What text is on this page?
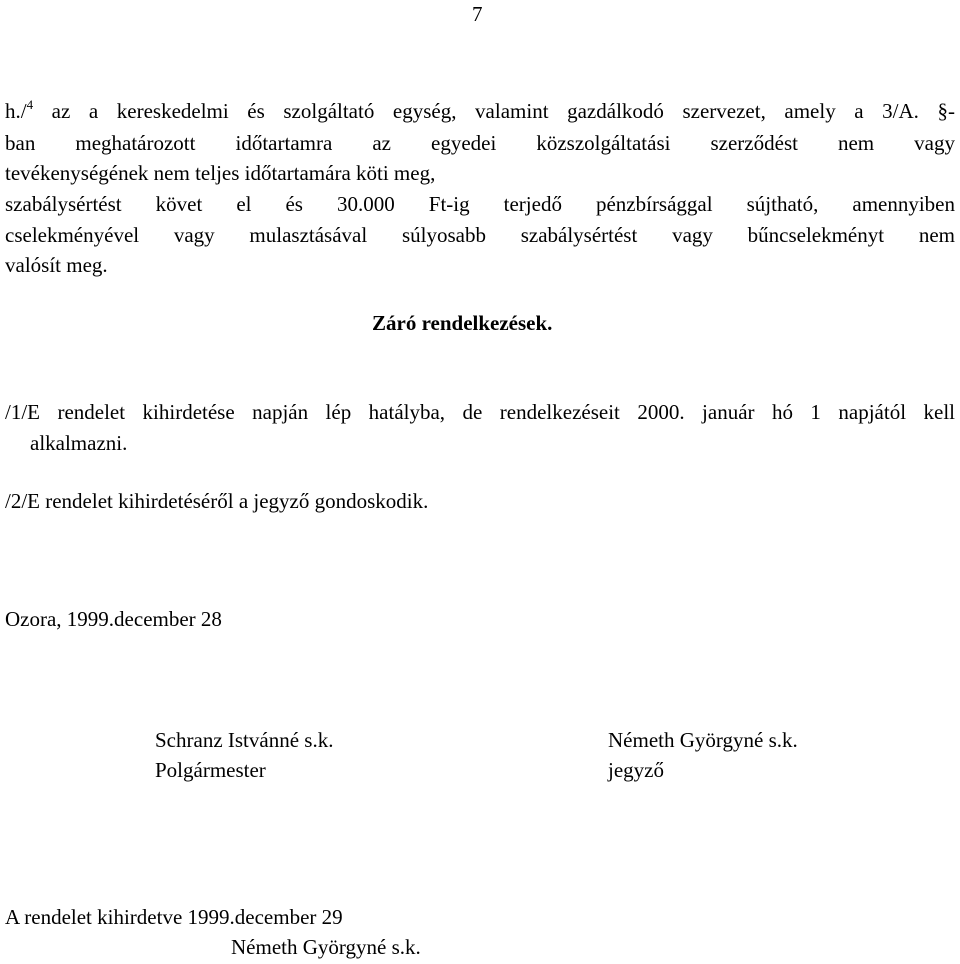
7
h./$^4$ az a kereskedelmi és szolgáltató egység, valamint gazdálkodó szervezet, amely a 3/A. §-
ban meghatározott időtartamra az egyedei közszolgáltatási szerződést nem vagy
tevékenységének nem teljes időtartamára köti meg,
szabálysértést követ el és 30.000 Ft-ig terjedő pénzbírsággal sújtható, amennyiben
cselekményével vagy mulasztásával súlyosabb szabálysértést vagy bűncselekményt nem
valósít meg.
Záró rendelkezések.
/1/E rendelet kihirdetése napján lép hatályba, de rendelkezéseit 2000. január hó 1 napjától kell
alkalmazni.
/2/E rendelet kihirdetéséről a jegyző gondoskodik.
Ozora, 1999.december 28
Schranz Istvánné s.k.
Polgármester
Németh Györgyné s.k.
jegyző
A rendelet kihirdetve 1999.december 29
Németh Györgyné s.k.
